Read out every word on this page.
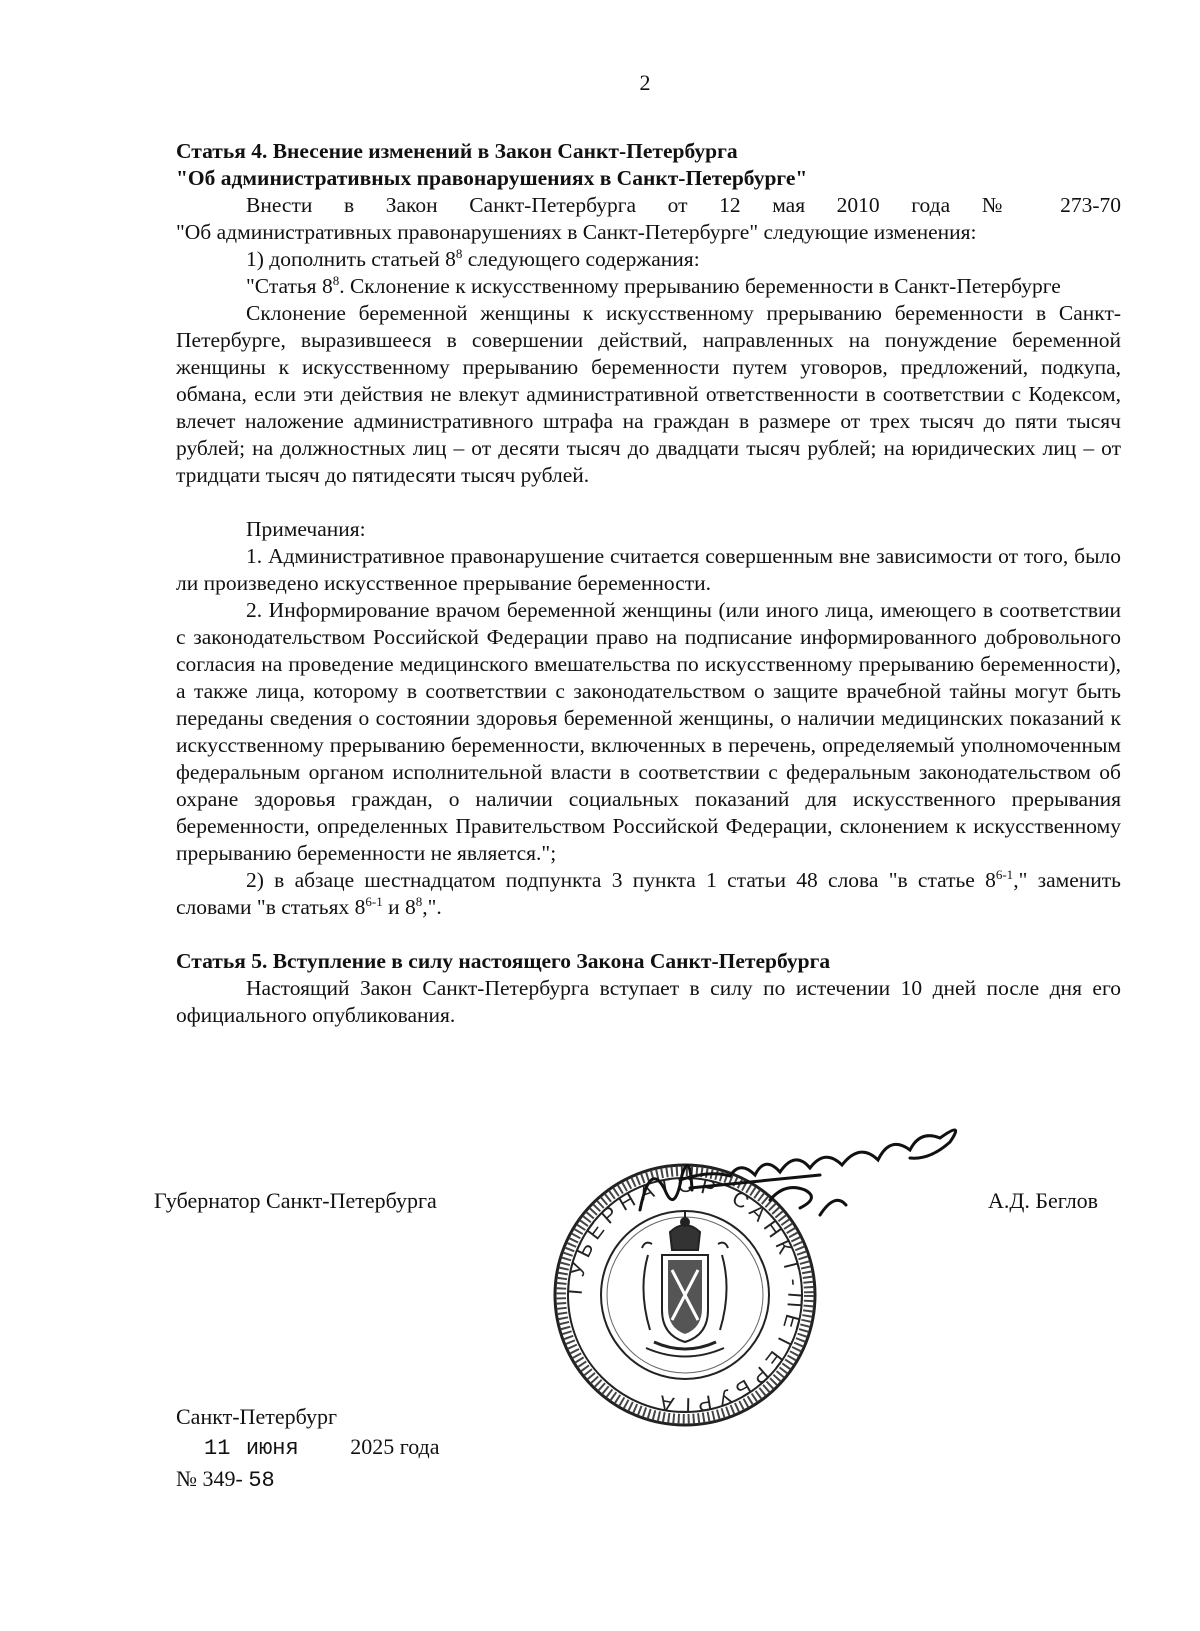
2

Статья 4. Внесение изменений в Закон Санкт-Петербурга

"Об административных правонарушениях в Санкт-Петербурге"

Внести в Закон Санкт-Петербурга от 12 мая 2010 года № 273-70

"Об административных правонарушениях в Санкт-Петербурге" следующие изменения:

1) дополнить статьей $8^8$ следующего содержания:

"Статья $8^8$. Склонение к искусственному прерыванию беременности в Санкт-Петербурге

Склонение беременной женщины к искусственному прерыванию беременности в Санкт-Петербурге, выразившееся в совершении действий, направленных на понуждение беременной женщины к искусственному прерыванию беременности путем уговоров, предложений, подкупа, обмана, если эти действия не влекут административной ответственности в соответствии с Кодексом, влечет наложение административного штрафа на граждан в размере от трех тысяч до пяти тысяч рублей; на должностных лиц – от десяти тысяч до двадцати тысяч рублей; на юридических лиц – от тридцати тысяч до пятидесяти тысяч рублей.

Примечания:

1. Административное правонарушение считается совершенным вне зависимости от того, было ли произведено искусственное прерывание беременности.

2. Информирование врачом беременной женщины (или иного лица, имеющего в соответствии с законодательством Российской Федерации право на подписание информированного добровольного согласия на проведение медицинского вмешательства по искусственному прерыванию беременности), а также лица, которому в соответствии с законодательством о защите врачебной тайны могут быть переданы сведения о состоянии здоровья беременной женщины, о наличии медицинских показаний к искусственному прерыванию беременности, включенных в перечень, определяемый уполномоченным федеральным органом исполнительной власти в соответствии с федеральным законодательством об охране здоровья граждан, о наличии социальных показаний для искусственного прерывания беременности, определенных Правительством Российской Федерации, склонением к искусственному прерыванию беременности не является.";

2) в абзаце шестнадцатом подпункта 3 пункта 1 статьи 48 слова "в статье 8$^{6-1}$," заменить словами "в статьях 8$^{6-1}$ и $8^8$,".

Статья 5. Вступление в силу настоящего Закона Санкт-Петербурга

Настоящий Закон Санкт-Петербурга вступает в силу по истечении 10 дней после дня его официального опубликования.

ГУБЕРНАТОР САНКТ-ПЕТЕРБУРГА
Губернатор Санкт-Петербурга	А.Д. Беглов
Санкт-Петербург
11 июня 2025 года
№ 349- 58
